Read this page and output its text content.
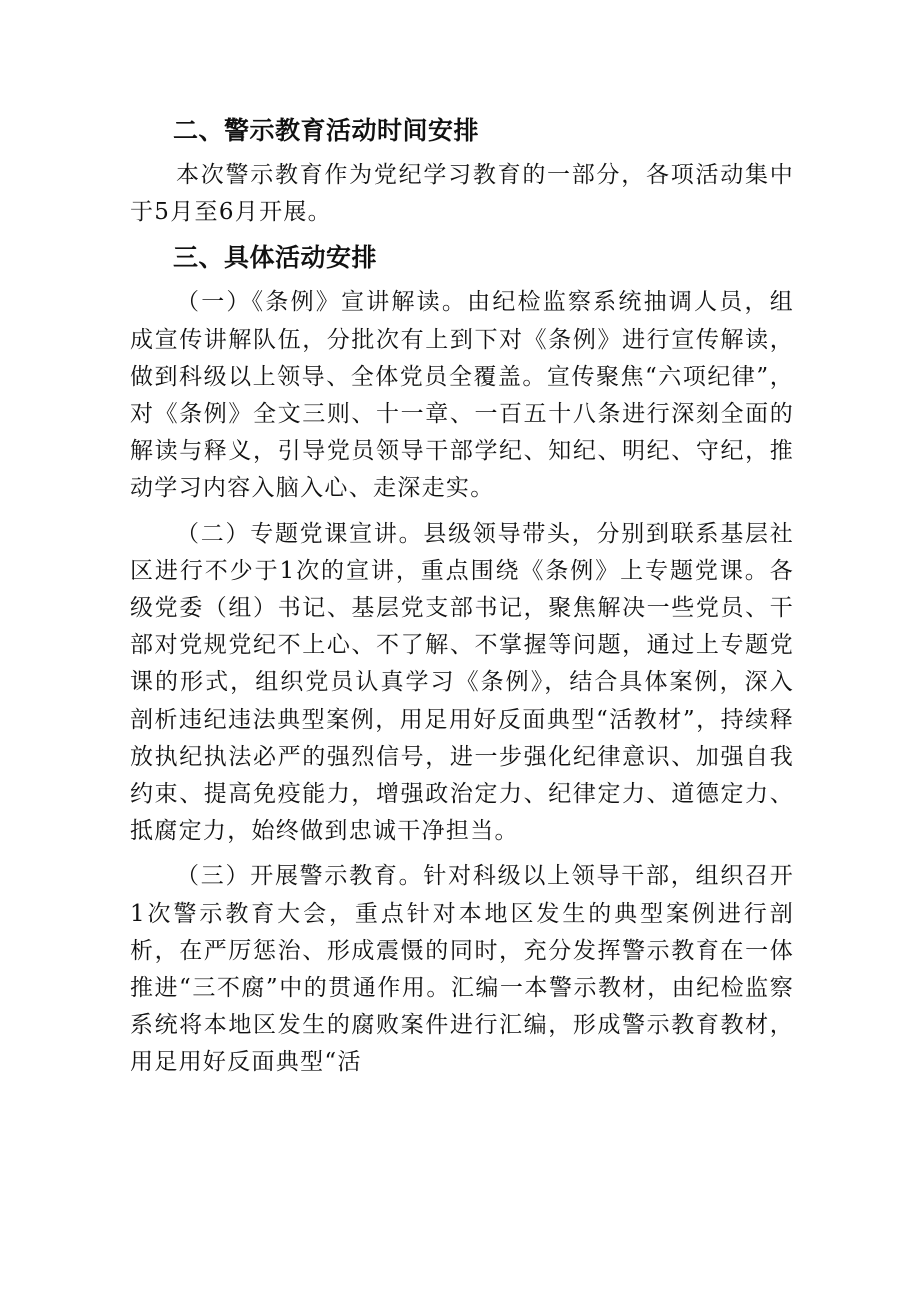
二、警示教育活动时间安排

本次警示教育作为党纪学习教育的一部分，各项活动集中于5月至6月开展。

三、具体活动安排

（一）《条例》宣讲解读。由纪检监察系统抽调人员，组成宣传讲解队伍，分批次有上到下对《条例》进行宣传解读，做到科级以上领导、全体党员全覆盖。宣传聚焦“六项纪律”，对《条例》全文三则、十一章、一百五十八条进行深刻全面的解读与释义，引导党员领导干部学纪、知纪、明纪、守纪，推动学习内容入脑入心、走深走实。

（二）专题党课宣讲。县级领导带头，分别到联系基层社区进行不少于1次的宣讲，重点围绕《条例》上专题党课。各级党委（组）书记、基层党支部书记，聚焦解决一些党员、干部对党规党纪不上心、不了解、不掌握等问题，通过上专题党课的形式，组织党员认真学习《条例》，结合具体案例，深入剖析违纪违法典型案例，用足用好反面典型“活教材”，持续释放执纪执法必严的强烈信号，进一步强化纪律意识、加强自我约束、提高免疫能力，增强政治定力、纪律定力、道德定力、抵腐定力，始终做到忠诚干净担当。

（三）开展警示教育。针对科级以上领导干部，组织召开1次警示教育大会，重点针对本地区发生的典型案例进行剖析，在严厉惩治、形成震慑的同时，充分发挥警示教育在一体推进“三不腐”中的贯通作用。汇编一本警示教材，由纪检监察系统将本地区发生的腐败案件进行汇编，形成警示教育教材，用足用好反面典型“活
